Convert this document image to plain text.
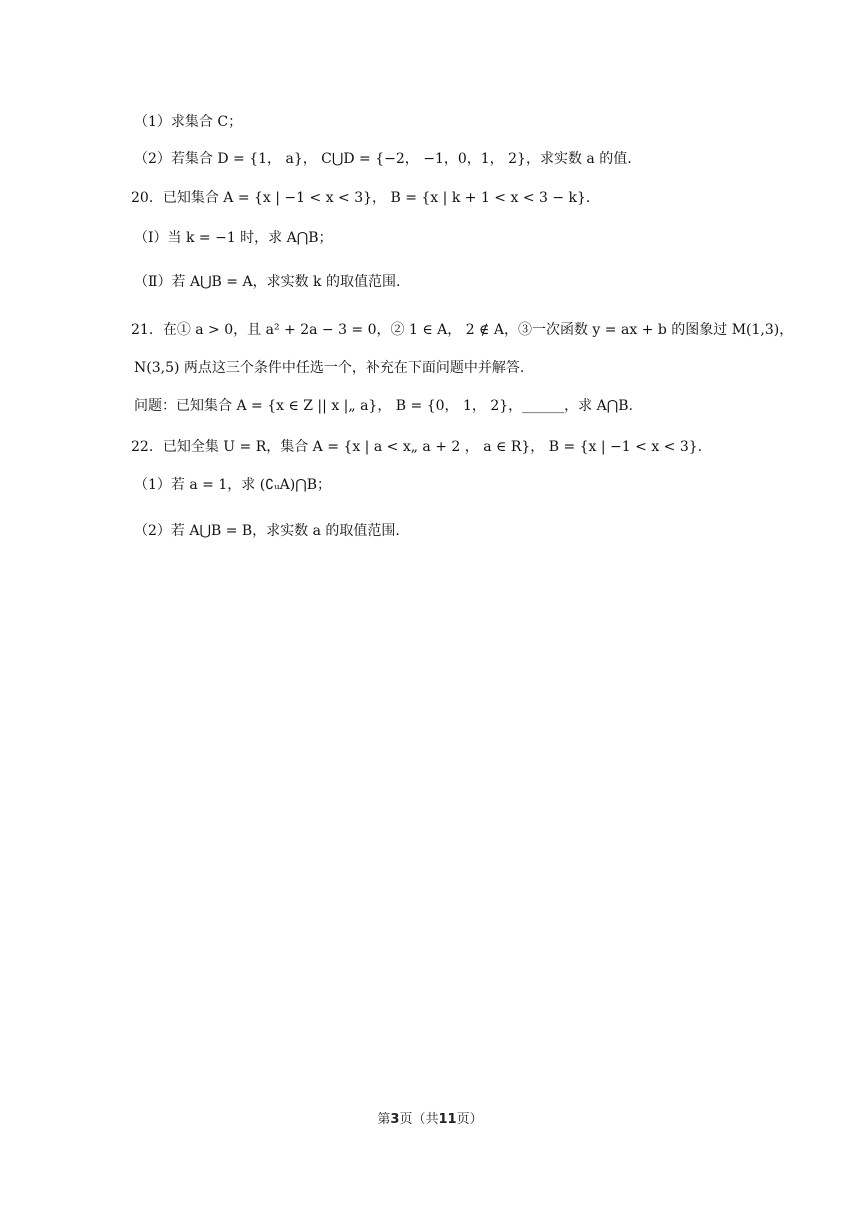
（1）求集合 C；
（2）若集合 D = {1， a}， C⋃D = {−2， −1，0，1， 2}，求实数 a 的值.
20．已知集合 A = {x | −1 < x < 3}， B = {x | k + 1 < x < 3 − k}.
（Ⅰ）当 k = −1 时，求 A⋂B；
（Ⅱ）若 A⋃B = A，求实数 k 的取值范围.
21．在① a > 0，且 a² + 2a − 3 = 0，② 1 ∈ A， 2 ∉ A，③一次函数 y = ax + b 的图象过 M(1,3)，
N(3,5) 两点这三个条件中任选一个，补充在下面问题中并解答.
问题：已知集合 A = {x ∈ Z || x |„ a}， B = {0， 1， 2}，______，求 A⋂B.
22．已知全集 U = R，集合 A = {x | a < x„ a + 2 ， a ∈ R}， B = {x | −1 < x < 3}.
（1）若 a = 1，求 (∁ᵤA)⋂B；
（2）若 A⋃B = B，求实数 a 的取值范围.
第3页（共11页）
